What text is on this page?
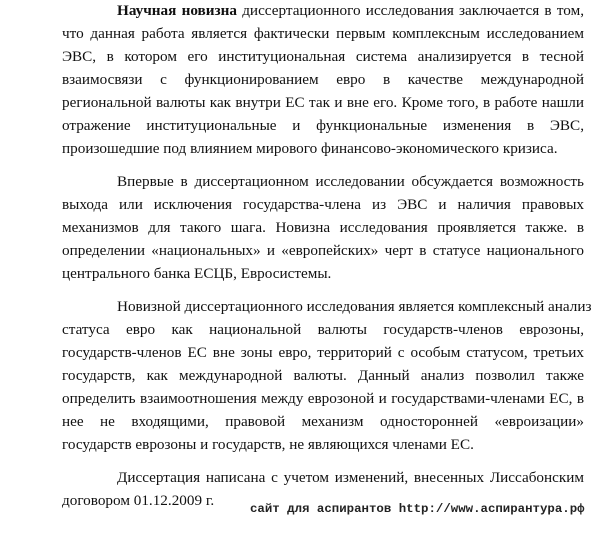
Научная новизна диссертационного исследования заключается в том,
что данная работа является фактически первым комплексным исследованием
ЭВС, в котором его институциональная система анализируется в тесной
взаимосвязи с функционированием евро в качестве международной
региональной валюты как внутри ЕС так и вне его. Кроме того, в работе нашли
отражение институциональные и функциональные изменения в ЭВС,
произошедшие под влиянием мирового финансово-экономического кризиса.
Впервые в диссертационном исследовании обсуждается возможность
выхода или исключения государства-члена из ЭВС и наличия правовых
механизмов для такого шага. Новизна исследования проявляется также. в
определении «национальных» и «европейских» черт в статусе национального
центрального банка ЕСЦБ, Евросистемы.
Новизной диссертационного исследования является комплексный анализ
статуса евро как национальной валюты государств-членов еврозоны,
государств-членов ЕС вне зоны евро, территорий с особым статусом, третьих
государств, как международной валюты. Данный анализ позволил также
определить взаимоотношения между еврозоной и государствами-членами ЕС, в
нее не входящими, правовой механизм односторонней «евроизации»
государств еврозоны и государств, не являющихся членами ЕС.
Диссертация написана с учетом изменений, внесенных Лиссабонским
договором 01.12.2009 г.	сайт для аспирантов http://www.аспирантура.рф
